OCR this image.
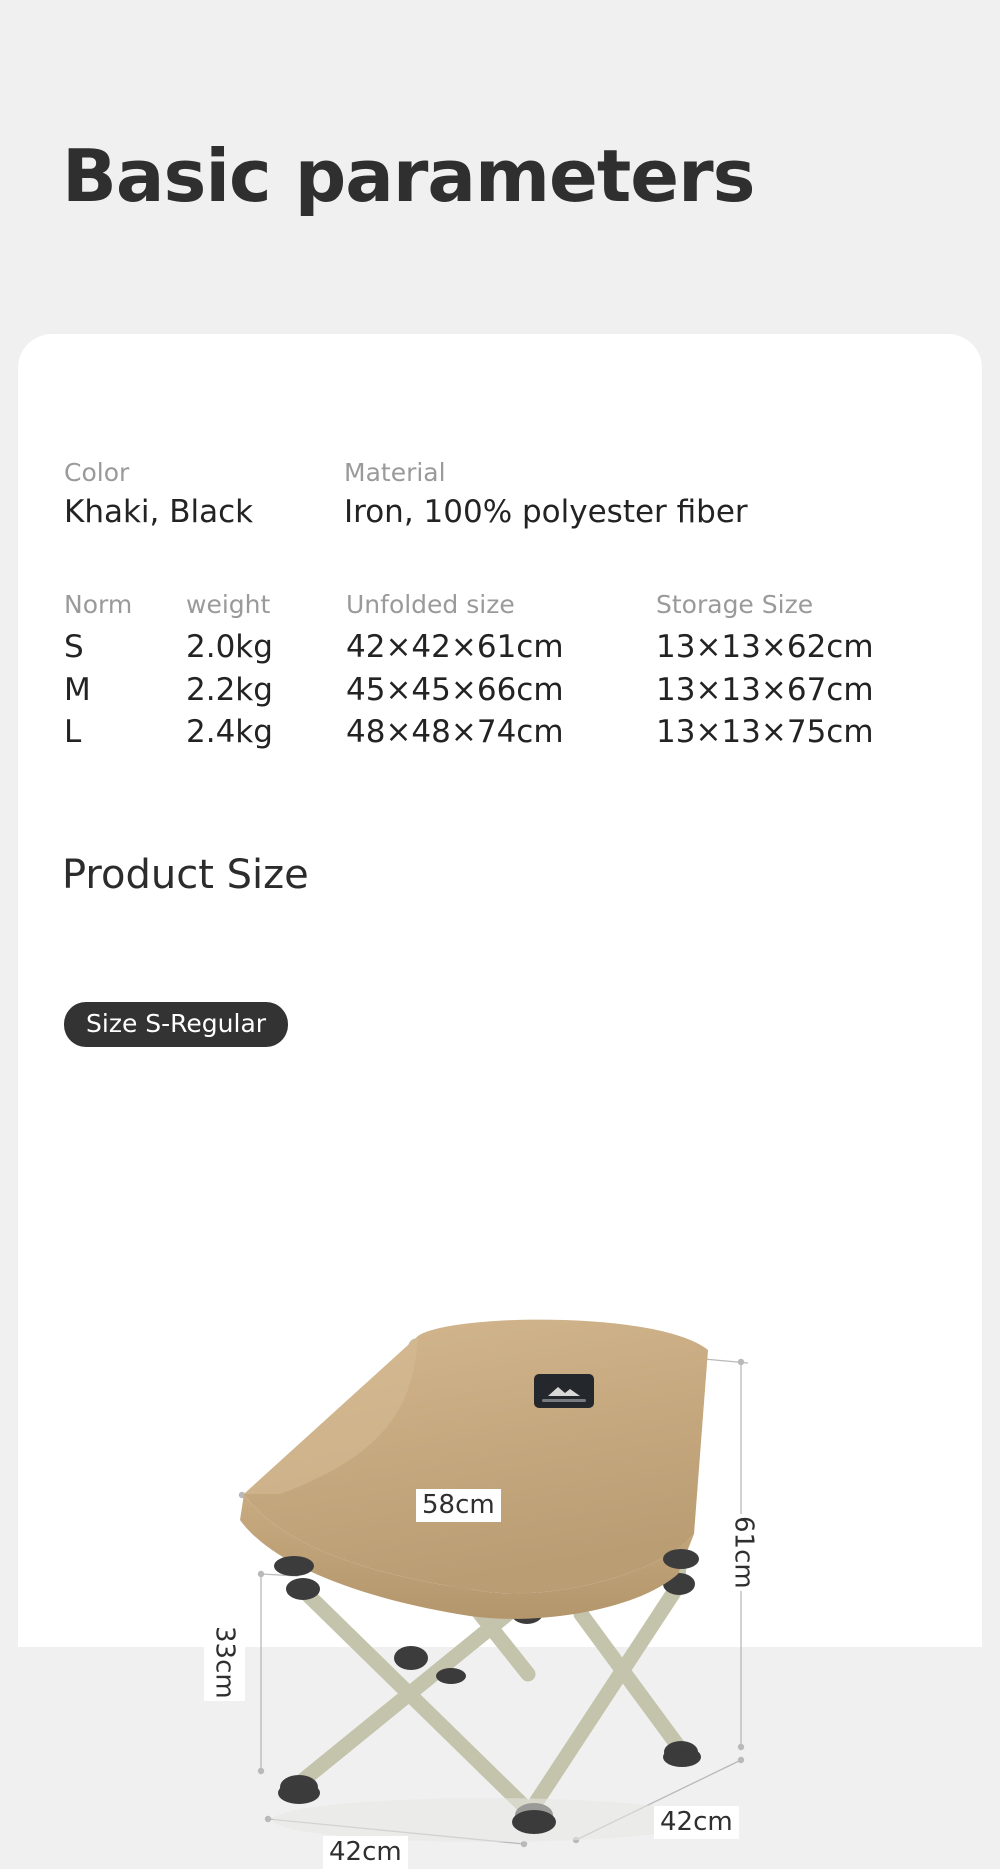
Basic parameters
Color
Khaki, Black
Material
Iron, 100% polyester fiber
Norm	weight	Unfolded size	Storage Size
S	2.0kg	42×42×61cm	13×13×62cm
M	2.2kg	45×45×66cm	13×13×67cm
L	2.4kg	48×48×74cm	13×13×75cm
Product Size
Size S-Regular
58cm
61cm
33cm
42cm
42cm
